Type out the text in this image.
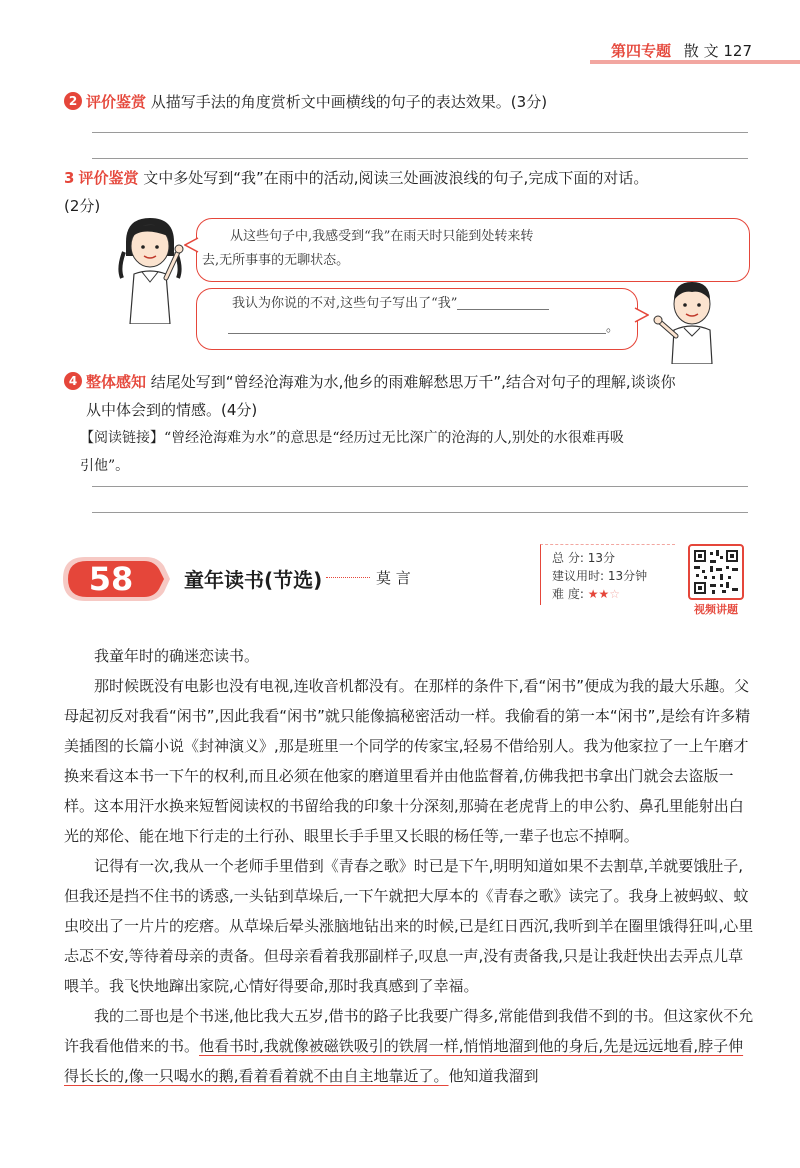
第四专题 散 文 127
2 评价鉴赏 从描写手法的角度赏析文中画横线的句子的表达效果。(3分)
3 评价鉴赏 文中多处写到“我”在雨中的活动,阅读三处画波浪线的句子,完成下面的对话。
(2分)
从这些句子中,我感受到“我”在雨天时只能到处转来转
去,无所事事的无聊状态。
我认为你说的不对,这些句子写出了“我”
。
4 整体感知 结尾处写到“曾经沧海难为水,他乡的雨难解愁思万千”,结合对句子的理解,谈谈你
从中体会到的情感。(4分)
【阅读链接】“曾经沧海难为水”的意思是“经历过无比深广的沧海的人,别处的水很难再吸
引他”。
58	童年读书(节选)	莫 言
总 分: 13分
建议用时: 13分钟
难 度: ★★☆
视频讲题

我童年时的确迷恋读书。

那时候既没有电影也没有电视,连收音机都没有。在那样的条件下,看“闲书”便成为我的最大乐趣。父母起初反对我看“闲书”,因此我看“闲书”就只能像搞秘密活动一样。我偷看的第一本“闲书”,是绘有许多精美插图的长篇小说《封神演义》,那是班里一个同学的传家宝,轻易不借给别人。我为他家拉了一上午磨才换来看这本书一下午的权利,而且必须在他家的磨道里看并由他监督着,仿佛我把书拿出门就会去盗版一样。这本用汗水换来短暂阅读权的书留给我的印象十分深刻,那骑在老虎背上的申公豹、鼻孔里能射出白光的郑伦、能在地下行走的土行孙、眼里长手手里又长眼的杨任等,一辈子也忘不掉啊。

记得有一次,我从一个老师手里借到《青春之歌》时已是下午,明明知道如果不去割草,羊就要饿肚子,但我还是挡不住书的诱惑,一头钻到草垛后,一下午就把大厚本的《青春之歌》读完了。我身上被蚂蚁、蚊虫咬出了一片片的疙瘩。从草垛后晕头涨脑地钻出来的时候,已是红日西沉,我听到羊在圈里饿得狂叫,心里忐忑不安,等待着母亲的责备。但母亲看着我那副样子,叹息一声,没有责备我,只是让我赶快出去弄点儿草喂羊。我飞快地蹿出家院,心情好得要命,那时我真感到了幸福。

我的二哥也是个书迷,他比我大五岁,借书的路子比我要广得多,常能借到我借不到的书。但这家伙不允许我看他借来的书。他看书时,我就像被磁铁吸引的铁屑一样,悄悄地溜到他的身后,先是远远地看,脖子伸得长长的,像一只喝水的鹅,看着看着就不由自主地靠近了。他知道我溜到
